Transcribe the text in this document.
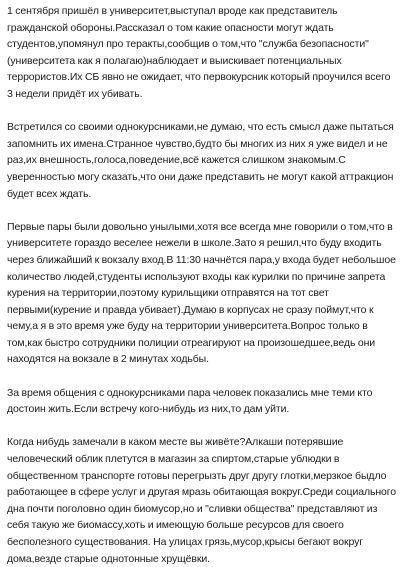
1 сентября пришёл в университет,выступал вроде как представитель гражданской обороны.Рассказал о том какие опасности могут ждать студентов,упомянул про теракты,сообщив о том,что "служба безопасности" (университета как я полагаю)наблюдает и выискивает потенциальных террористов.Их СБ явно не ожидает, что первокурсник который проучился всего 3 недели придёт их убивать.

Встретился со своими однокурсниками,не думаю, что есть смысл даже пытаться запомнить их имена.Странное чувство,будто бы многих из них я уже видел и не раз,их внешность,голоса,поведение,всё кажется слишком знакомым.С уверенностью могу сказать,что они даже представить не могут какой аттракцион будет всех ждать.

Первые пары были довольно унылыми,хотя все всегда мне говорили о том,что в университете гораздо веселее нежели в школе.Зато я решил,что буду входить через ближайший к вокзалу вход.В 11:30 начнётся пара,у входа будет небольшое количество людей,студенты используют входы как курилки по причине запрета курения на территории,поэтому курильщики отправятся на тот свет первыми(курение и правда убивает).Думаю в корпусах не сразу поймут,что к чему,а я в это время уже буду на территории университета.Вопрос только в том,как быстро сотрудники полиции отреагируют на произошедшее,ведь они находятся на вокзале в 2 минутах ходьбы.

За время общения с однокурсниками пара человек показались мне теми кто достоин жить.Если встречу кого-нибудь из них,то дам уйти.

Когда нибудь замечали в каком месте вы живёте?Алкаши потерявшие человеческий облик плетутся в магазин за спиртом,старые ублюдки в общественном транспорте готовы перегрызть друг другу глотки,мерзкое быдло работающее в сфере услуг и другая мразь обитающая вокруг.Среди социального дна почти поголовно один биомусор,но и "сливки общества" представляют из себя такую же биомассу,хоть и имеющую больше ресурсов для своего бесполезного существования. На улицах грязь,мусор,крысы бегают вокруг дома,везде старые однотонные хрущёвки.
